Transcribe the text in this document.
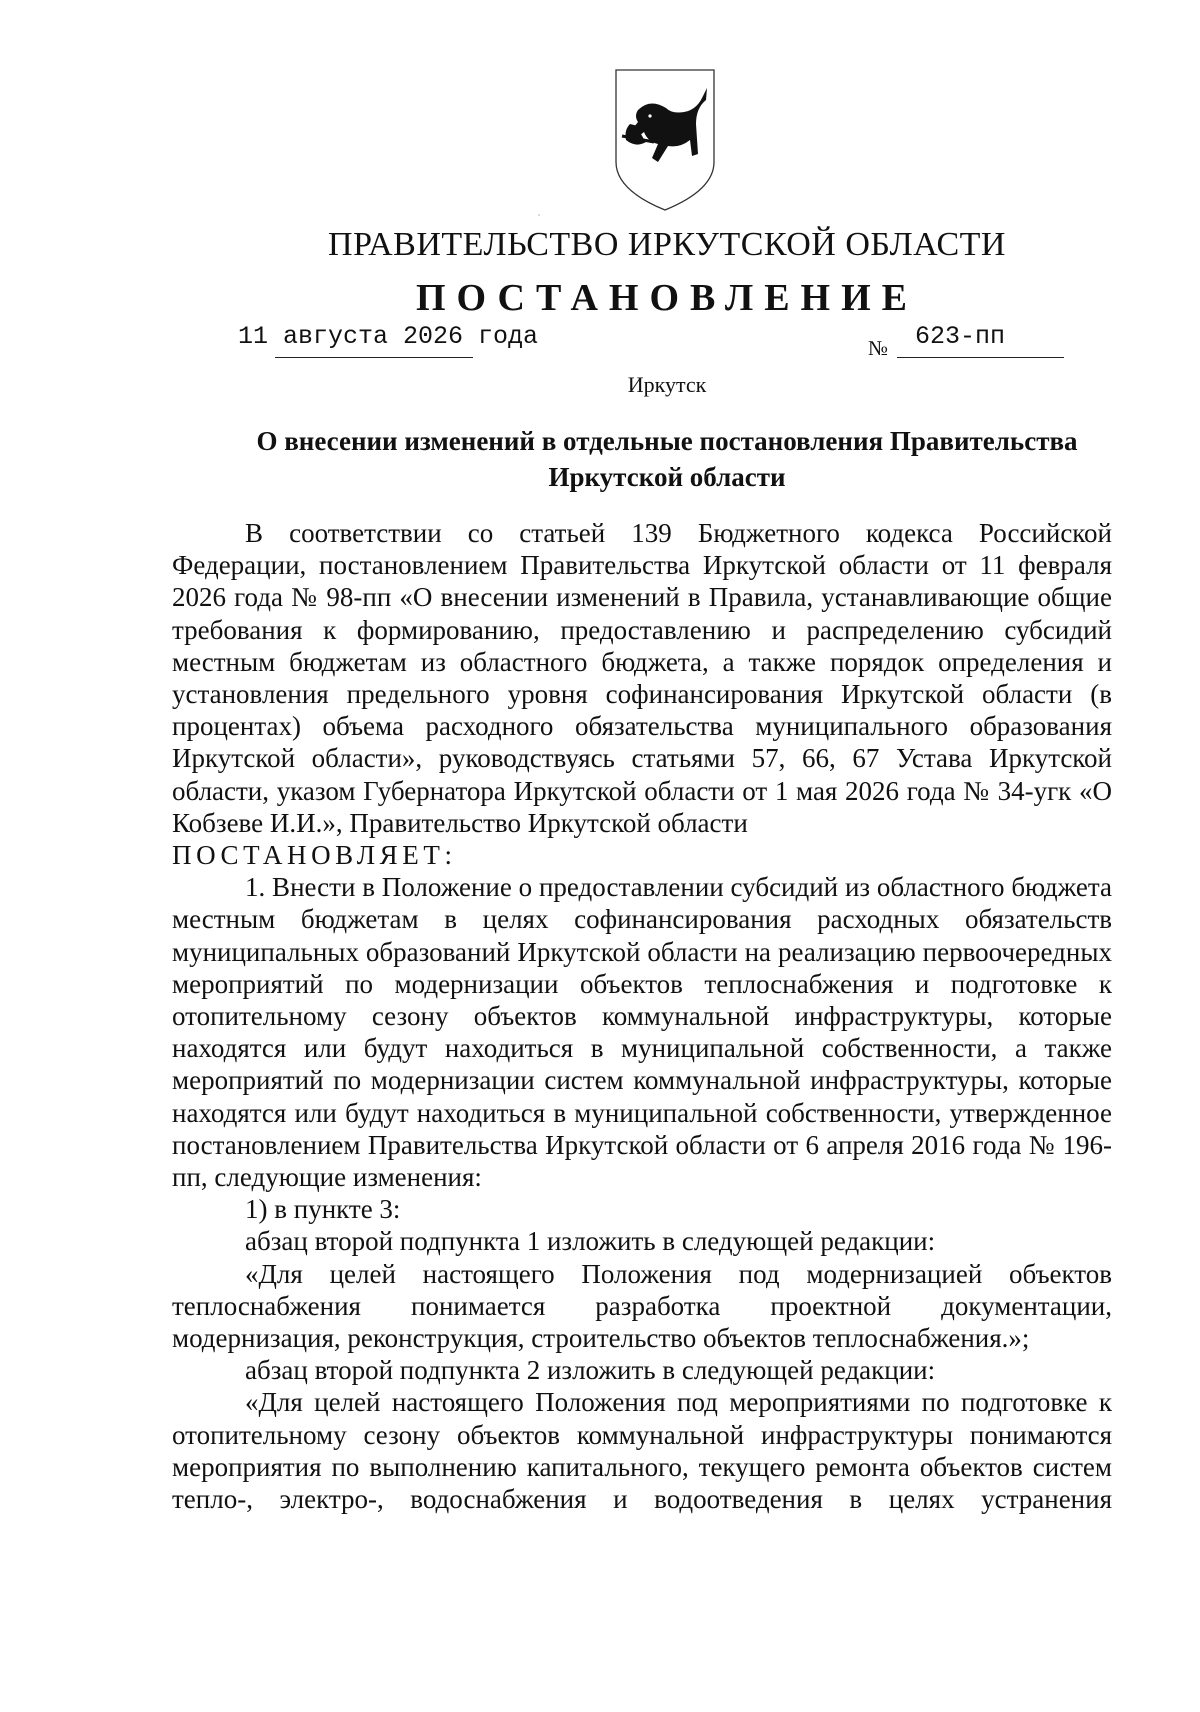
ПРАВИТЕЛЬСТВО ИРКУТСКОЙ ОБЛАСТИ
ПОСТАНОВЛЕНИЕ
11 августа 2026 года	№ 623-пп
Иркутск
О внесении изменений в отдельные постановления Правительства
Иркутской области

В соответствии со статьей 139 Бюджетного кодекса Российской Федерации, постановлением Правительства Иркутской области от 11 февраля 2026 года № 98-пп «О внесении изменений в Правила, устанавливающие общие требования к формированию, предоставлению и распределению субсидий местным бюджетам из областного бюджета, а также порядок определения и установления предельного уровня софинансирования Иркутской области (в процентах) объема расходного обязательства муниципального образования Иркутской области», руководствуясь статьями 57, 66, 67 Устава Иркутской области, указом Губернатора Иркутской области от 1 мая 2026 года № 34-угк «О Кобзеве И.И.», Правительство Иркутской области

ПОСТАНОВЛЯЕТ:

1. Внести в Положение о предоставлении субсидий из областного бюджета местным бюджетам в целях софинансирования расходных обязательств муниципальных образований Иркутской области на реализацию первоочередных мероприятий по модернизации объектов теплоснабжения и подготовке к отопительному сезону объектов коммунальной инфраструктуры, которые находятся или будут находиться в муниципальной собственности, а также мероприятий по модернизации систем коммунальной инфраструктуры, которые находятся или будут находиться в муниципальной собственности, утвержденное постановлением Правительства Иркутской области от 6 апреля 2016 года № 196-пп, следующие изменения:

1) в пункте 3:

абзац второй подпункта 1 изложить в следующей редакции:

«Для целей настоящего Положения под модернизацией объектов теплоснабжения понимается разработка проектной документации, модернизация, реконструкция, строительство объектов теплоснабжения.»;

абзац второй подпункта 2 изложить в следующей редакции:

«Для целей настоящего Положения под мероприятиями по подготовке к отопительному сезону объектов коммунальной инфраструктуры понимаются мероприятия по выполнению капитального, текущего ремонта объектов систем тепло-, электро-, водоснабжения и водоотведения в целях устранения
